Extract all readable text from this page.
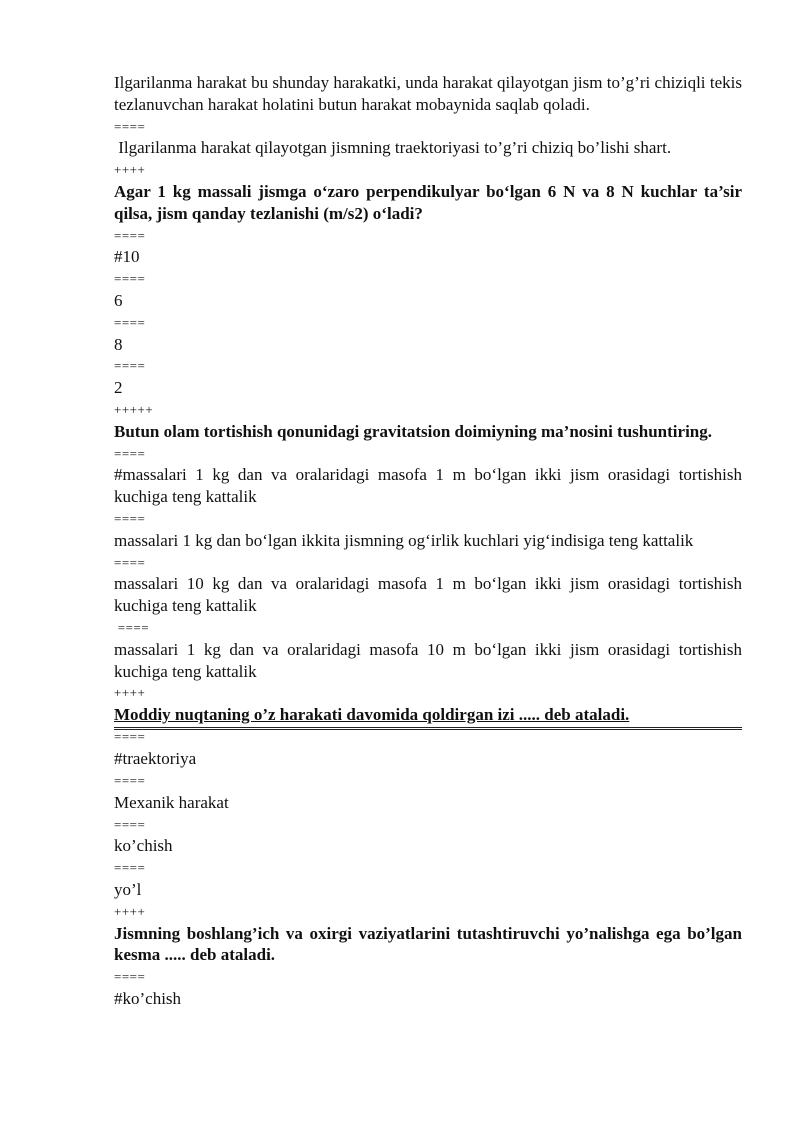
Ilgarilanma harakat bu shunday harakatki, unda harakat qilayotgan jism to’g’ri chiziqli tekis tezlanuvchan harakat holatini butun harakat mobaynida saqlab qoladi.

====

Ilgarilanma harakat qilayotgan jismning traektoriyasi to’g’ri chiziq bo’lishi shart.

++++

Agar 1 kg massali jismga o‘zaro perpendikulyar bo‘lgan 6 N va 8 N kuchlar ta’sir qilsa, jism qanday tezlanishi (m/s2) o‘ladi?

====

#10

====

6

====

8

====

2

+++++

Butun olam tortishish qonunidagi gravitatsion doimiyning ma’nosini tushuntiring.

====

#massalari 1 kg dan va oralaridagi masofa 1 m bo‘lgan ikki jism orasidagi tortishish kuchiga teng kattalik

====

massalari 1 kg dan bo‘lgan ikkita jismning og‘irlik kuchlari yig‘indisiga teng kattalik

====

massalari 10 kg dan va oralaridagi masofa 1 m bo‘lgan ikki jism orasidagi tortishish kuchiga teng kattalik

====

massalari 1 kg dan va oralaridagi masofa 10 m bo‘lgan ikki jism orasidagi tortishish kuchiga teng kattalik

++++

Moddiy nuqtaning o’z harakati davomida qoldirgan izi ..... deb ataladi.

====

#traektoriya

====

Mexanik harakat

====

ko’chish

====

yo’l

++++

Jismning boshlang’ich va oxirgi vaziyatlarini tutashtiruvchi yo’nalishga ega bo’lgan kesma ..... deb ataladi.

====

#ko’chish
